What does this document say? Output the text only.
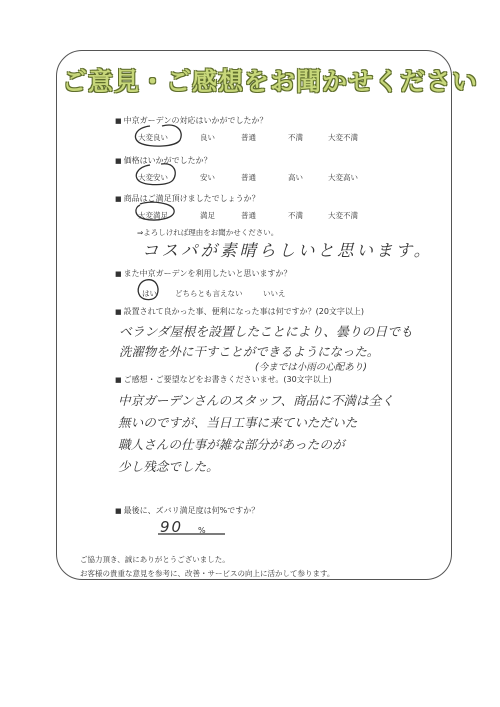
ご意見・ご感想をお聞かせください
■ 中京ガーデンの対応はいかがでしたか？
大変良い	良い	普通	不満	大変不満
■ 価格はいかがでしたか？
大変安い	安い	普通	高い	大変高い
■ 商品はご満足頂けましたでしょうか？
大変満足	満足	普通	不満	大変不満
⇒よろしければ理由をお聞かせください。
コスパが素晴らしいと思います。
■ また中京ガーデンを利用したいと思いますか？
はい どちらとも言えない	いいえ
■ 設置されて良かった事、便利になった事は何ですか？(20文字以上)
ベランダ屋根を設置したことにより、曇りの日でも
洗濯物を外に干すことができるようになった。
(今までは小雨の心配あり)
■ ご感想・ご要望などをお書きくださいませ。(30文字以上)
中京ガーデンさんのスタッフ、商品に不満は全く
無いのですが、当日工事に来ていただいた
職人さんの仕事が雑な部分があったのが
少し残念でした。
■ 最後に、ズバリ満足度は何%ですか？
90 %
ご協力頂き、誠にありがとうございました。
お客様の貴重な意見を参考に、改善・サービスの向上に活かして参ります。
